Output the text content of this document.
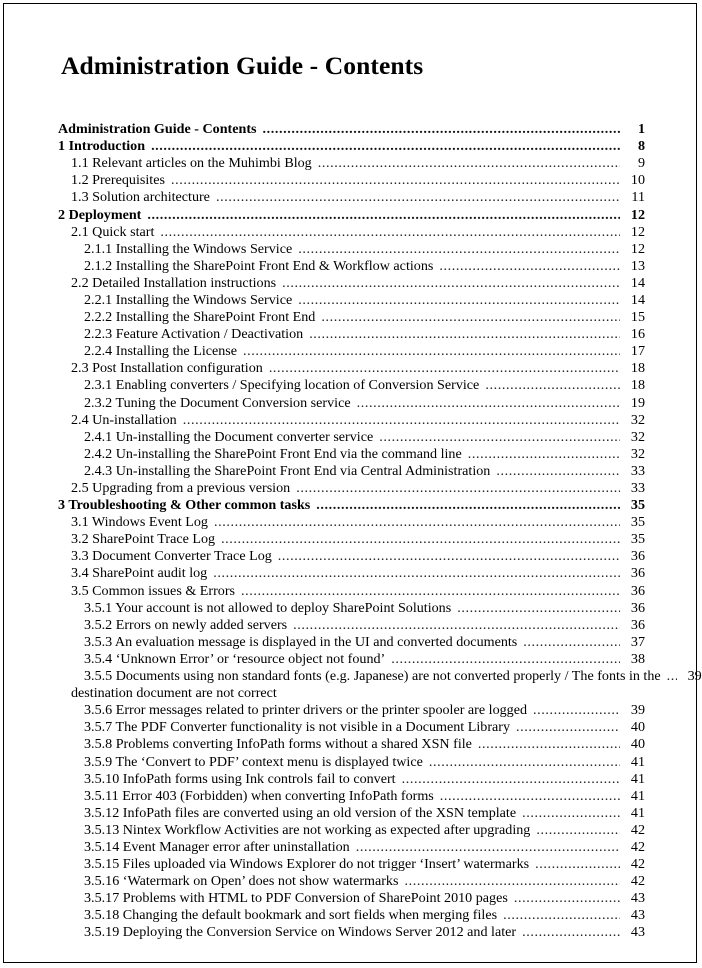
Administration Guide - Contents
Administration Guide - Contents .....	1
1 Introduction .....	8
1.1 Relevant articles on the Muhimbi Blog .....	9
1.2 Prerequisites .....	10
1.3 Solution architecture .....	11
2 Deployment .....	12
2.1 Quick start .....	12
2.1.1 Installing the Windows Service .....	12
2.1.2 Installing the SharePoint Front End & Workflow actions .....	13
2.2 Detailed Installation instructions .....	14
2.2.1 Installing the Windows Service .....	14
2.2.2 Installing the SharePoint Front End .....	15
2.2.3 Feature Activation / Deactivation .....	16
2.2.4 Installing the License .....	17
2.3 Post Installation configuration .....	18
2.3.1 Enabling converters / Specifying location of Conversion Service .....	18
2.3.2 Tuning the Document Conversion service .....	19
2.4 Un‑installation .....	32
2.4.1 Un‑installing the Document converter service .....	32
2.4.2 Un‑installing the SharePoint Front End via the command line .....	32
2.4.3 Un‑installing the SharePoint Front End via Central Administration .....	33
2.5 Upgrading from a previous version .....	33
3 Troubleshooting & Other common tasks .....	35
3.1 Windows Event Log .....	35
3.2 SharePoint Trace Log .....	35
3.3 Document Converter Trace Log .....	36
3.4 SharePoint audit log .....	36
3.5 Common issues & Errors .....	36
3.5.1 Your account is not allowed to deploy SharePoint Solutions .....	36
3.5.2 Errors on newly added servers .....	36
3.5.3 An evaluation message is displayed in the UI and converted documents .....	37
3.5.4 ‘Unknown Error’ or ‘resource object not found’ .....	38
3.5.5 Documents using non standard fonts (e.g. Japanese) are not converted properly / The fonts in the .....	39
destination document are not correct
3.5.6 Error messages related to printer drivers or the printer spooler are logged .....	39
3.5.7 The PDF Converter functionality is not visible in a Document Library .....	40
3.5.8 Problems converting InfoPath forms without a shared XSN file .....	40
3.5.9 The ‘Convert to PDF’ context menu is displayed twice .....	41
3.5.10 InfoPath forms using Ink controls fail to convert .....	41
3.5.11 Error 403 (Forbidden) when converting InfoPath forms .....	41
3.5.12 InfoPath files are converted using an old version of the XSN template .....	41
3.5.13 Nintex Workflow Activities are not working as expected after upgrading .....	42
3.5.14 Event Manager error after uninstallation .....	42
3.5.15 Files uploaded via Windows Explorer do not trigger ‘Insert’ watermarks .....	42
3.5.16 ‘Watermark on Open’ does not show watermarks .....	42
3.5.17 Problems with HTML to PDF Conversion of SharePoint 2010 pages .....	43
3.5.18 Changing the default bookmark and sort fields when merging files .....	43
3.5.19 Deploying the Conversion Service on Windows Server 2012 and later .....	43
